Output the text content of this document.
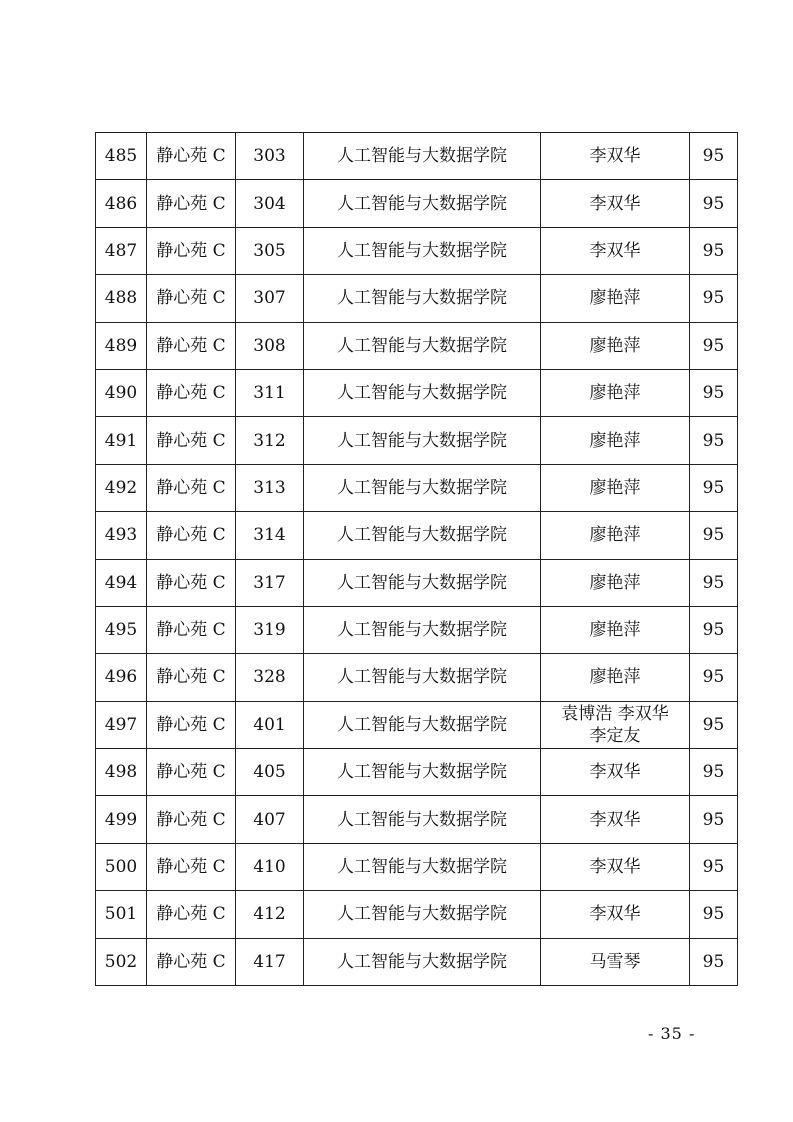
485	静心苑 C	303	人工智能与大数据学院	李双华	95
486	静心苑 C	304	人工智能与大数据学院	李双华	95
487	静心苑 C	305	人工智能与大数据学院	李双华	95
488	静心苑 C	307	人工智能与大数据学院	廖艳萍	95
489	静心苑 C	308	人工智能与大数据学院	廖艳萍	95
490	静心苑 C	311	人工智能与大数据学院	廖艳萍	95
491	静心苑 C	312	人工智能与大数据学院	廖艳萍	95
492	静心苑 C	313	人工智能与大数据学院	廖艳萍	95
493	静心苑 C	314	人工智能与大数据学院	廖艳萍	95
494	静心苑 C	317	人工智能与大数据学院	廖艳萍	95
495	静心苑 C	319	人工智能与大数据学院	廖艳萍	95
496	静心苑 C	328	人工智能与大数据学院	廖艳萍	95
497	静心苑 C	401	人工智能与大数据学院	袁博浩 李双华
李定友	95
498	静心苑 C	405	人工智能与大数据学院	李双华	95
499	静心苑 C	407	人工智能与大数据学院	李双华	95
500	静心苑 C	410	人工智能与大数据学院	李双华	95
501	静心苑 C	412	人工智能与大数据学院	李双华	95
502	静心苑 C	417	人工智能与大数据学院	马雪琴	95
- 35 -
